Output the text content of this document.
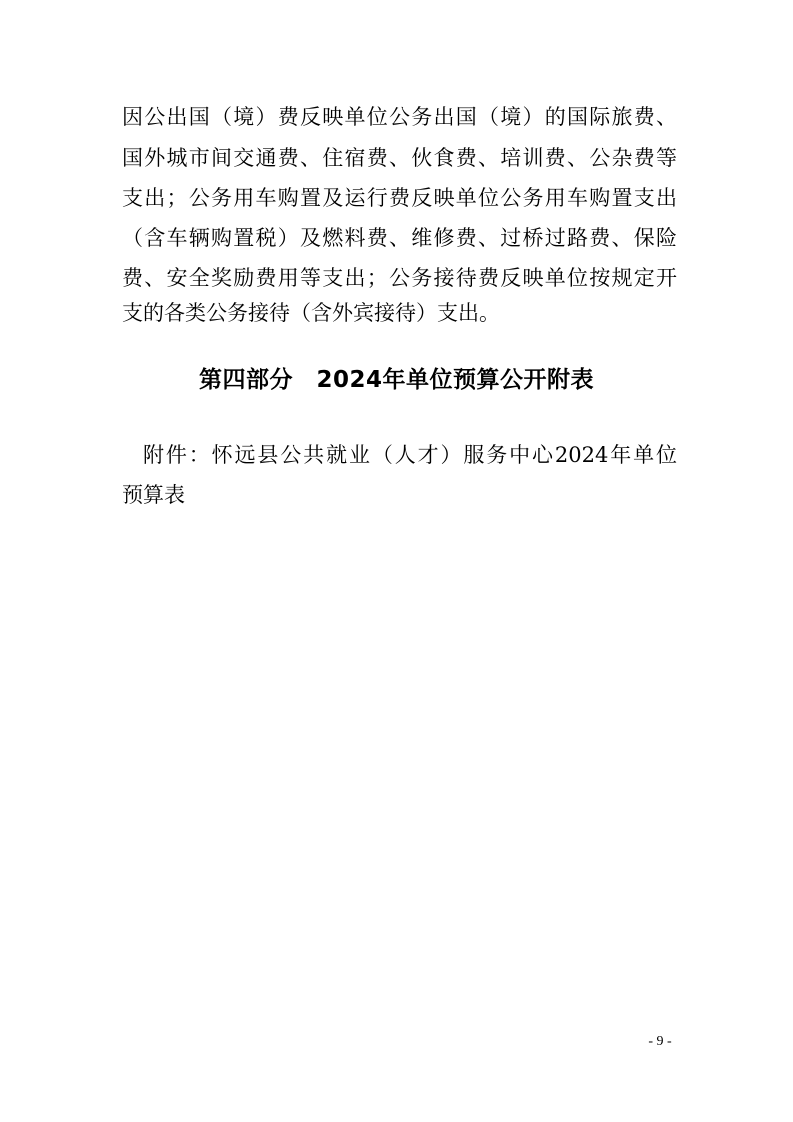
因公出国（境）费反映单位公务出国（境）的国际旅费、
国外城市间交通费、住宿费、伙食费、培训费、公杂费等
支出；公务用车购置及运行费反映单位公务用车购置支出
（含车辆购置税）及燃料费、维修费、过桥过路费、保险
费、安全奖励费用等支出；公务接待费反映单位按规定开
支的各类公务接待（含外宾接待）支出。
第四部分　2024年单位预算公开附表
附件：怀远县公共就业（人才）服务中心2024年单位
预算表
- 9 -
